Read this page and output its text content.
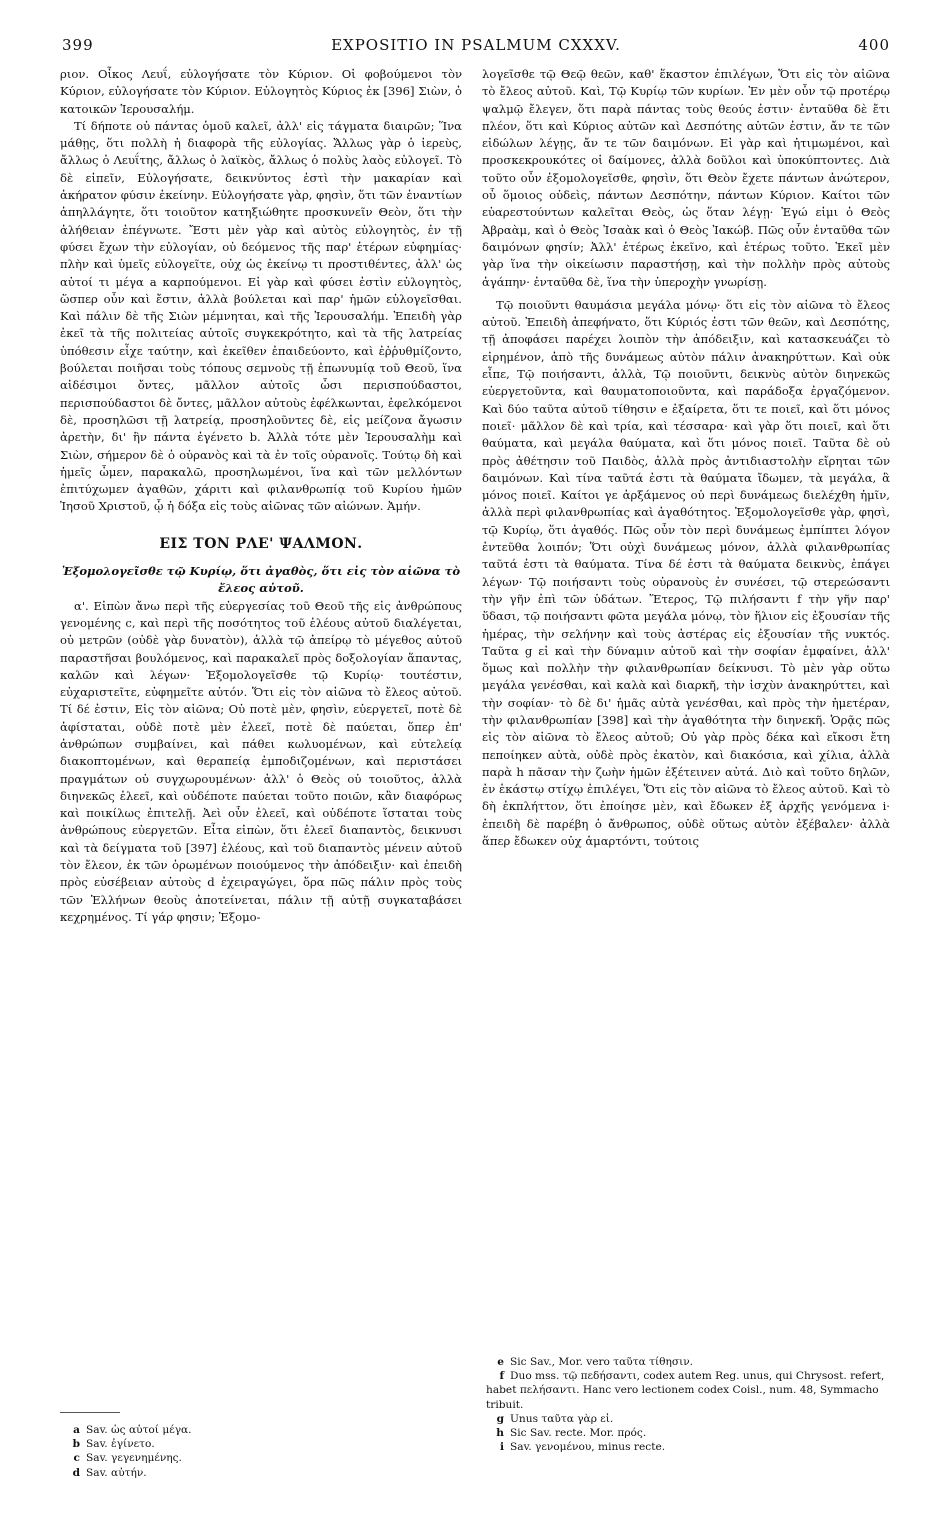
399	EXPOSITIO IN PSALMUM CXXXV.	400

ριον. Οἶκος Λευΐ, εὐλογήσατε τὸν Κύριον. Οἱ φοβούμενοι τὸν Κύριον, εὐλογήσατε τὸν Κύριον. Εὐλογητὸς Κύριος ἐκ [396] Σιὼν, ὁ κατοικῶν Ἱερουσαλήμ.

Τί δήποτε οὐ πάντας ὁμοῦ καλεῖ, ἀλλ' εἰς τάγματα διαιρῶν; Ἵνα μάθῃς, ὅτι πολλὴ ἡ διαφορὰ τῆς εὐλογίας. Ἄλλως γὰρ ὁ ἱερεὺς, ἄλλως ὁ Λευΐτης, ἄλλως ὁ λαϊκὸς, ἄλλως ὁ πολὺς λαὸς εὐλογεῖ. Τὸ δὲ εἰπεῖν, Εὐλογήσατε, δεικνύντος ἐστὶ τὴν μακαρίαν καὶ ἀκήρατον φύσιν ἐκείνην. Εὐλογήσατε γὰρ, φησὶν, ὅτι τῶν ἐναντίων ἀπηλλάγητε, ὅτι τοιοῦτον κατηξιώθητε προσκυνεῖν Θεὸν, ὅτι τὴν ἀλήθειαν ἐπέγνωτε. Ἔστι μὲν γὰρ καὶ αὐτὸς εὐλογητὸς, ἐν τῇ φύσει ἔχων τὴν εὐλογίαν, οὐ δεόμενος τῆς παρ' ἑτέρων εὐφημίας· πλὴν καὶ ὑμεῖς εὐλογεῖτε, οὐχ ὡς ἐκείνῳ τι προστιθέντες, ἀλλ' ὡς αὐτοί τι μέγα a καρπούμενοι. Εἰ γὰρ καὶ φύσει ἐστὶν εὐλογητὸς, ὥσπερ οὖν καὶ ἔστιν, ἀλλὰ βούλεται καὶ παρ' ἡμῶν εὐλογεῖσθαι. Καὶ πάλιν δὲ τῆς Σιὼν μέμνηται, καὶ τῆς Ἱερουσαλήμ. Ἐπειδὴ γὰρ ἐκεῖ τὰ τῆς πολιτείας αὐτοῖς συγκεκρότητο, καὶ τὰ τῆς λατρείας ὑπόθεσιν εἶχε ταύτην, καὶ ἐκεῖθεν ἐπαιδεύοντο, καὶ ἐῤῥυθμίζοντο, βούλεται ποιῆσαι τοὺς τόπους σεμνοὺς τῇ ἐπωνυμίᾳ τοῦ Θεοῦ, ἵνα αἰδέσιμοι ὄντες, μᾶλλον αὐτοῖς ὦσι περισπούδαστοι, περισπούδαστοι δὲ ὄντες, μᾶλλον αὐτοὺς ἐφέλκωνται, ἐφελκόμενοι δὲ, προσηλῶσι τῇ λατρείᾳ, προσηλοῦντες δὲ, εἰς μείζονα ἄγωσιν ἀρετὴν, δι' ἣν πάντα ἐγένετο b. Ἀλλὰ τότε μὲν Ἱερουσαλὴμ καὶ Σιὼν, σήμερον δὲ ὁ οὐρανὸς καὶ τὰ ἐν τοῖς οὐρανοῖς. Τούτῳ δὴ καὶ ἡμεῖς ὦμεν, παρακαλῶ, προσηλωμένοι, ἵνα καὶ τῶν μελλόντων ἐπιτύχωμεν ἀγαθῶν, χάριτι καὶ φιλανθρωπίᾳ τοῦ Κυρίου ἡμῶν Ἰησοῦ Χριστοῦ, ᾧ ἡ δόξα εἰς τοὺς αἰῶνας τῶν αἰώνων. Ἀμήν.

ΕΙΣ ΤΟΝ ΡΛΕ' ΨΑΛΜΟΝ.

Ἐξομολογεῖσθε τῷ Κυρίῳ, ὅτι ἀγαθὸς, ὅτι εἰς τὸν αἰῶνα τὸ ἔλεος αὐτοῦ.

α'. Εἰπὼν ἄνω περὶ τῆς εὐεργεσίας τοῦ Θεοῦ τῆς εἰς ἀνθρώπους γενομένης c, καὶ περὶ τῆς ποσότητος τοῦ ἐλέους αὐτοῦ διαλέγεται, οὐ μετρῶν (οὐδὲ γὰρ δυνατὸν), ἀλλὰ τῷ ἀπείρῳ τὸ μέγεθος αὐτοῦ παραστῆσαι βουλόμενος, καὶ παρακαλεῖ πρὸς δοξολογίαν ἅπαντας, καλῶν καὶ λέγων· Ἐξομολογεῖσθε τῷ Κυρίῳ· τουτέστιν, εὐχαριστεῖτε, εὐφημεῖτε αὐτόν. Ὅτι εἰς τὸν αἰῶνα τὸ ἔλεος αὐτοῦ. Τί δέ ἐστιν, Εἰς τὸν αἰῶνα; Οὐ ποτὲ μὲν, φησὶν, εὐεργετεῖ, ποτὲ δὲ ἀφίσταται, οὐδὲ ποτὲ μὲν ἐλεεῖ, ποτὲ δὲ παύεται, ὅπερ ἐπ' ἀνθρώπων συμβαίνει, καὶ πάθει κωλυομένων, καὶ εὐτελείᾳ διακοπτομένων, καὶ θεραπείᾳ ἐμποδιζομένων, καὶ περιστάσει πραγμάτων οὐ συγχωρουμένων· ἀλλ' ὁ Θεὸς οὐ τοιοῦτος, ἀλλὰ διηνεκῶς ἐλεεῖ, καὶ οὐδέποτε παύεται τοῦτο ποιῶν, κἂν διαφόρως καὶ ποικίλως ἐπιτελῇ. Ἀεὶ οὖν ἐλεεῖ, καὶ οὐδέποτε ἵσταται τοὺς ἀνθρώπους εὐεργετῶν. Εἶτα εἰπὼν, ὅτι ἐλεεῖ διαπαντὸς, δεικνυσι καὶ τὰ δείγματα τοῦ [397] ἐλέους, καὶ τοῦ διαπαντὸς μένειν αὐτοῦ τὸν ἔλεον, ἐκ τῶν ὁρωμένων ποιούμενος τὴν ἀπόδειξιν· καὶ ἐπειδὴ πρὸς εὐσέβειαν αὐτοὺς d ἐχειραγώγει, ὅρα πῶς πάλιν πρὸς τοὺς τῶν Ἑλλήνων θεοὺς ἀποτείνεται, πάλιν τῇ αὐτῇ συγκαταβάσει κεχρημένος. Τί γάρ φησιν; Ἐξομο-

λογεῖσθε τῷ Θεῷ θεῶν, καθ' ἕκαστον ἐπιλέγων, Ὅτι εἰς τὸν αἰῶνα τὸ ἔλεος αὐτοῦ. Καὶ, Τῷ Κυρίῳ τῶν κυρίων. Ἐν μὲν οὖν τῷ προτέρῳ ψαλμῷ ἔλεγεν, ὅτι παρὰ πάντας τοὺς θεούς ἐστιν· ἐνταῦθα δὲ ἔτι πλέον, ὅτι καὶ Κύριος αὐτῶν καὶ Δεσπότης αὐτῶν ἐστιν, ἄν τε τῶν εἰδώλων λέγῃς, ἄν τε τῶν δαιμόνων. Εἰ γὰρ καὶ ἠτιμωμένοι, καὶ προσκεκρουκότες οἱ δαίμονες, ἀλλὰ δοῦλοι καὶ ὑποκύπτοντες. Διὰ τοῦτο οὖν ἐξομολογεῖσθε, φησὶν, ὅτι Θεὸν ἔχετε πάντων ἀνώτερον, οὗ ὅμοιος οὐδεὶς, πάντων Δεσπότην, πάντων Κύριον. Καίτοι τῶν εὐαρεστούντων καλεῖται Θεὸς, ὡς ὅταν λέγῃ· Ἐγώ εἰμι ὁ Θεὸς Ἀβραὰμ, καὶ ὁ Θεὸς Ἰσαὰκ καὶ ὁ Θεὸς Ἰακώβ. Πῶς οὖν ἐνταῦθα τῶν δαιμόνων φησίν; Ἀλλ' ἑτέρως ἐκεῖνο, καὶ ἑτέρως τοῦτο. Ἐκεῖ μὲν γὰρ ἵνα τὴν οἰκείωσιν παραστήσῃ, καὶ τὴν πολλὴν πρὸς αὐτοὺς ἀγάπην· ἐνταῦθα δὲ, ἵνα τὴν ὑπεροχὴν γνωρίσῃ.

Τῷ ποιοῦντι θαυμάσια μεγάλα μόνῳ· ὅτι εἰς τὸν αἰῶνα τὸ ἔλεος αὐτοῦ. Ἐπειδὴ ἀπεφήνατο, ὅτι Κύριός ἐστι τῶν θεῶν, καὶ Δεσπότης, τῇ ἀποφάσει παρέχει λοιπὸν τὴν ἀπόδειξιν, καὶ κατασκευάζει τὸ εἰρημένον, ἀπὸ τῆς δυνάμεως αὐτὸν πάλιν ἀνακηρύττων. Καὶ οὐκ εἶπε, Τῷ ποιήσαντι, ἀλλὰ, Τῷ ποιοῦντι, δεικνὺς αὐτὸν διηνεκῶς εὐεργετοῦντα, καὶ θαυματοποιοῦντα, καὶ παράδοξα ἐργαζόμενον. Καὶ δύο ταῦτα αὐτοῦ τίθησιν e ἐξαίρετα, ὅτι τε ποιεῖ, καὶ ὅτι μόνος ποιεῖ· μᾶλλον δὲ καὶ τρία, καὶ τέσσαρα· καὶ γὰρ ὅτι ποιεῖ, καὶ ὅτι θαύματα, καὶ μεγάλα θαύματα, καὶ ὅτι μόνος ποιεῖ. Ταῦτα δὲ οὐ πρὸς ἀθέτησιν τοῦ Παιδὸς, ἀλλὰ πρὸς ἀντιδιαστολὴν εἴρηται τῶν δαιμόνων. Καὶ τίνα ταῦτά ἐστι τὰ θαύματα ἴδωμεν, τὰ μεγάλα, ἃ μόνος ποιεῖ. Καίτοι γε ἀρξάμενος οὐ περὶ δυνάμεως διελέχθη ἡμῖν, ἀλλὰ περὶ φιλανθρωπίας καὶ ἀγαθότητος. Ἐξομολογεῖσθε γὰρ, φησὶ, τῷ Κυρίῳ, ὅτι ἀγαθός. Πῶς οὖν τὸν περὶ δυνάμεως ἐμπίπτει λόγον ἐντεῦθα λοιπόν; Ὅτι οὐχὶ δυνάμεως μόνον, ἀλλὰ φιλανθρωπίας ταῦτά ἐστι τὰ θαύματα. Τίνα δέ ἐστι τὰ θαύματα δεικνὺς, ἐπάγει λέγων· Τῷ ποιήσαντι τοὺς οὐρανοὺς ἐν συνέσει, τῷ στερεώσαντι τὴν γῆν ἐπὶ τῶν ὑδάτων. Ἕτερος, Τῷ πιλήσαντι f τὴν γῆν παρ' ὕδασι, τῷ ποιήσαντι φῶτα μεγάλα μόνῳ, τὸν ἥλιον εἰς ἐξουσίαν τῆς ἡμέρας, τὴν σελήνην καὶ τοὺς ἀστέρας εἰς ἐξουσίαν τῆς νυκτός. Ταῦτα g εἰ καὶ τὴν δύναμιν αὐτοῦ καὶ τὴν σοφίαν ἐμφαίνει, ἀλλ' ὅμως καὶ πολλὴν τὴν φιλανθρωπίαν δείκνυσι. Τὸ μὲν γὰρ οὕτω μεγάλα γενέσθαι, καὶ καλὰ καὶ διαρκῆ, τὴν ἰσχὺν ἀνακηρύττει, καὶ τὴν σοφίαν· τὸ δὲ δι' ἡμᾶς αὐτὰ γενέσθαι, καὶ πρὸς τὴν ἡμετέραν, τὴν φιλανθρωπίαν [398] καὶ τὴν ἀγαθότητα τὴν διηνεκῆ. Ὁρᾷς πῶς εἰς τὸν αἰῶνα τὸ ἔλεος αὐτοῦ; Οὐ γὰρ πρὸς δέκα καὶ εἴκοσι ἔτη πεποίηκεν αὐτὰ, οὐδὲ πρὸς ἑκατὸν, καὶ διακόσια, καὶ χίλια, ἀλλὰ παρὰ h πᾶσαν τὴν ζωὴν ἡμῶν ἐξέτεινεν αὐτά. Διὸ καὶ τοῦτο δηλῶν, ἐν ἑκάστῳ στίχῳ ἐπιλέγει, Ὅτι εἰς τὸν αἰῶνα τὸ ἔλεος αὐτοῦ. Καὶ τὸ δὴ ἐκπλήττον, ὅτι ἐποίησε μὲν, καὶ ἔδωκεν ἐξ ἀρχῆς γενόμενα i· ἐπειδὴ δὲ παρέβη ὁ ἄνθρωπος, οὐδὲ οὕτως αὐτὸν ἐξέβαλεν· ἀλλὰ ἅπερ ἔδωκεν οὐχ ἁμαρτόντι, τούτοις

a Sav. ὡς αὐτοί μέγα.

b Sav. ἐγίνετο.

c Sav. γεγενημένης.

d Sav. αὐτήν.

e Sic Sav., Mor. vero ταῦτα τίθησιν.

f Duo mss. τῷ πεδήσαντι, codex autem Reg. unus, qui Chrysost. refert, habet πελήσαντι. Hanc vero lectionem codex Coisl., num. 48, Symmacho tribuit.

g Unus ταῦτα γὰρ εἰ.

h Sic Sav. recte. Mor. πρός.

i Sav. γενομένου, minus recte.
